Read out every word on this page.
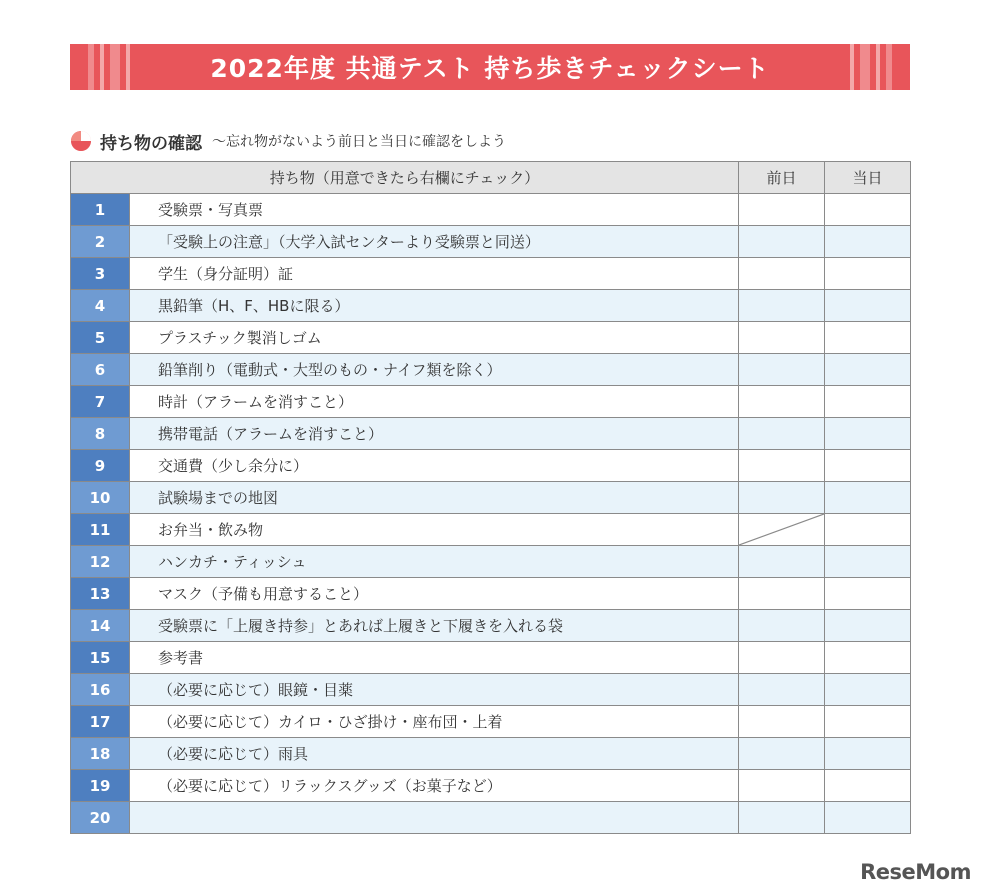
2022年度 共通テスト 持ち歩きチェックシート
持ち物の確認 ～忘れ物がないよう前日と当日に確認をしよう
持ち物（用意できたら右欄にチェック）		前日	当日
1	受験票・写真票		
2	「受験上の注意」（大学入試センターより受験票と同送）		
3	学生（身分証明）証		
4	黒鉛筆（H、F、HBに限る）		
5	プラスチック製消しゴム		
6	鉛筆削り（電動式・大型のもの・ナイフ類を除く）		
7	時計（アラームを消すこと）		
8	携帯電話（アラームを消すこと）		
9	交通費（少し余分に）		
10	試験場までの地図		
11	お弁当・飲み物	

12	ハンカチ・ティッシュ		
13	マスク（予備も用意すること）		
14	受験票に「上履き持参」とあれば上履きと下履きを入れる袋		
15	参考書		
16	（必要に応じて）眼鏡・目薬		
17	（必要に応じて）カイロ・ひざ掛け・座布団・上着		
18	（必要に応じて）雨具		
19	（必要に応じて）リラックスグッズ（お菓子など）		
20			
ReseMom
